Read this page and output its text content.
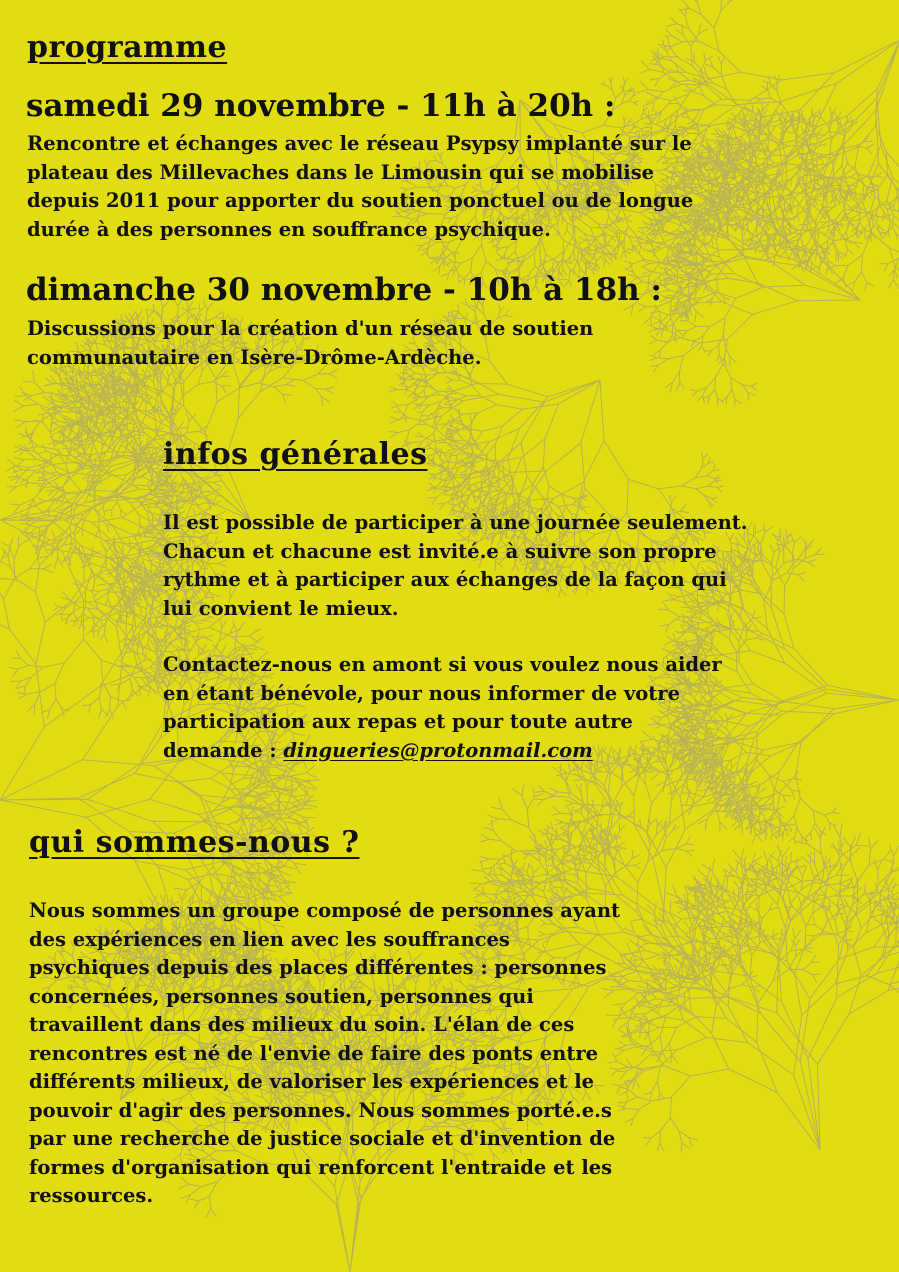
programme
samedi 29 novembre - 11h à 20h :

Rencontre et échanges avec le réseau Psypsy implanté sur le
plateau des Millevaches dans le Limousin qui se mobilise
depuis 2011 pour apporter du soutien ponctuel ou de longue
durée à des personnes en souffrance psychique.

dimanche 30 novembre - 10h à 18h :

Discussions pour la création d'un réseau de soutien
communautaire en Isère-Drôme-Ardèche.

infos générales

Il est possible de participer à une journée seulement.
Chacun et chacune est invité.e à suivre son propre
rythme et à participer aux échanges de la façon qui
lui convient le mieux.

Contactez-nous en amont si vous voulez nous aider
en étant bénévole, pour nous informer de votre
participation aux repas et pour toute autre
demande : dingueries@protonmail.com

qui sommes-nous ?

Nous sommes un groupe composé de personnes ayant
des expériences en lien avec les souffrances
psychiques depuis des places différentes : personnes
concernées, personnes soutien, personnes qui
travaillent dans des milieux du soin. L'élan de ces
rencontres est né de l'envie de faire des ponts entre
différents milieux, de valoriser les expériences et le
pouvoir d'agir des personnes. Nous sommes porté.e.s
par une recherche de justice sociale et d'invention de
formes d'organisation qui renforcent l'entraide et les
ressources.
